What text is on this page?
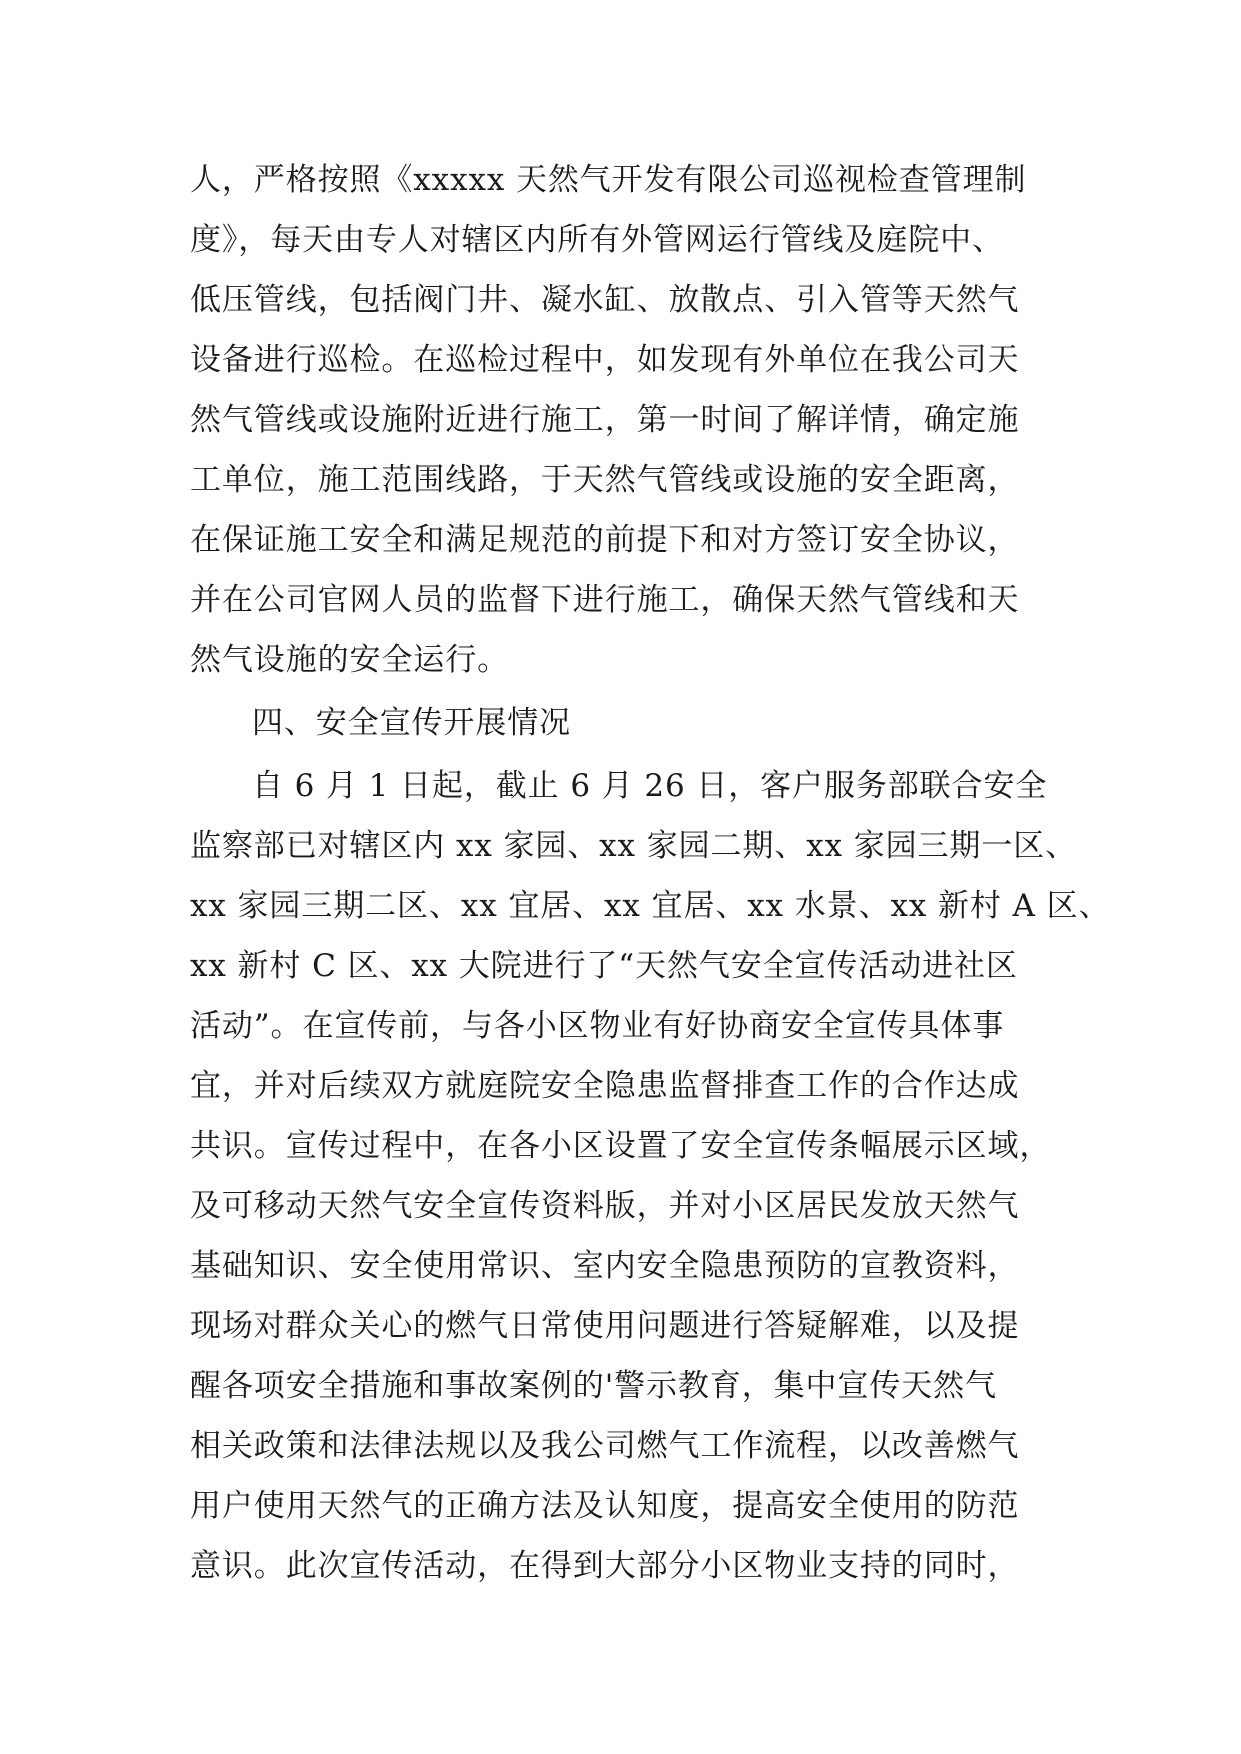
人，严格按照《xxxxx 天然气开发有限公司巡视检查管理制
度》，每天由专人对辖区内所有外管网运行管线及庭院中、
低压管线，包括阀门井、凝水缸、放散点、引入管等天然气
设备进行巡检。在巡检过程中，如发现有外单位在我公司天
然气管线或设施附近进行施工，第一时间了解详情，确定施
工单位，施工范围线路，于天然气管线或设施的安全距离，
在保证施工安全和满足规范的前提下和对方签订安全协议，
并在公司官网人员的监督下进行施工，确保天然气管线和天
然气设施的安全运行。
四、安全宣传开展情况
自 6 月 1 日起，截止 6 月 26 日，客户服务部联合安全
监察部已对辖区内 xx 家园、xx 家园二期、xx 家园三期一区、
xx 家园三期二区、xx 宜居、xx 宜居、xx 水景、xx 新村 A 区、
xx 新村 C 区、xx 大院进行了“天然气安全宣传活动进社区
活动”。在宣传前，与各小区物业有好协商安全宣传具体事
宜，并对后续双方就庭院安全隐患监督排查工作的合作达成
共识。宣传过程中，在各小区设置了安全宣传条幅展示区域，
及可移动天然气安全宣传资料版，并对小区居民发放天然气
基础知识、安全使用常识、室内安全隐患预防的宣教资料，
现场对群众关心的燃气日常使用问题进行答疑解难，以及提
醒各项安全措施和事故案例的'警示教育，集中宣传天然气
相关政策和法律法规以及我公司燃气工作流程，以改善燃气
用户使用天然气的正确方法及认知度，提高安全使用的防范
意识。此次宣传活动，在得到大部分小区物业支持的同时，
